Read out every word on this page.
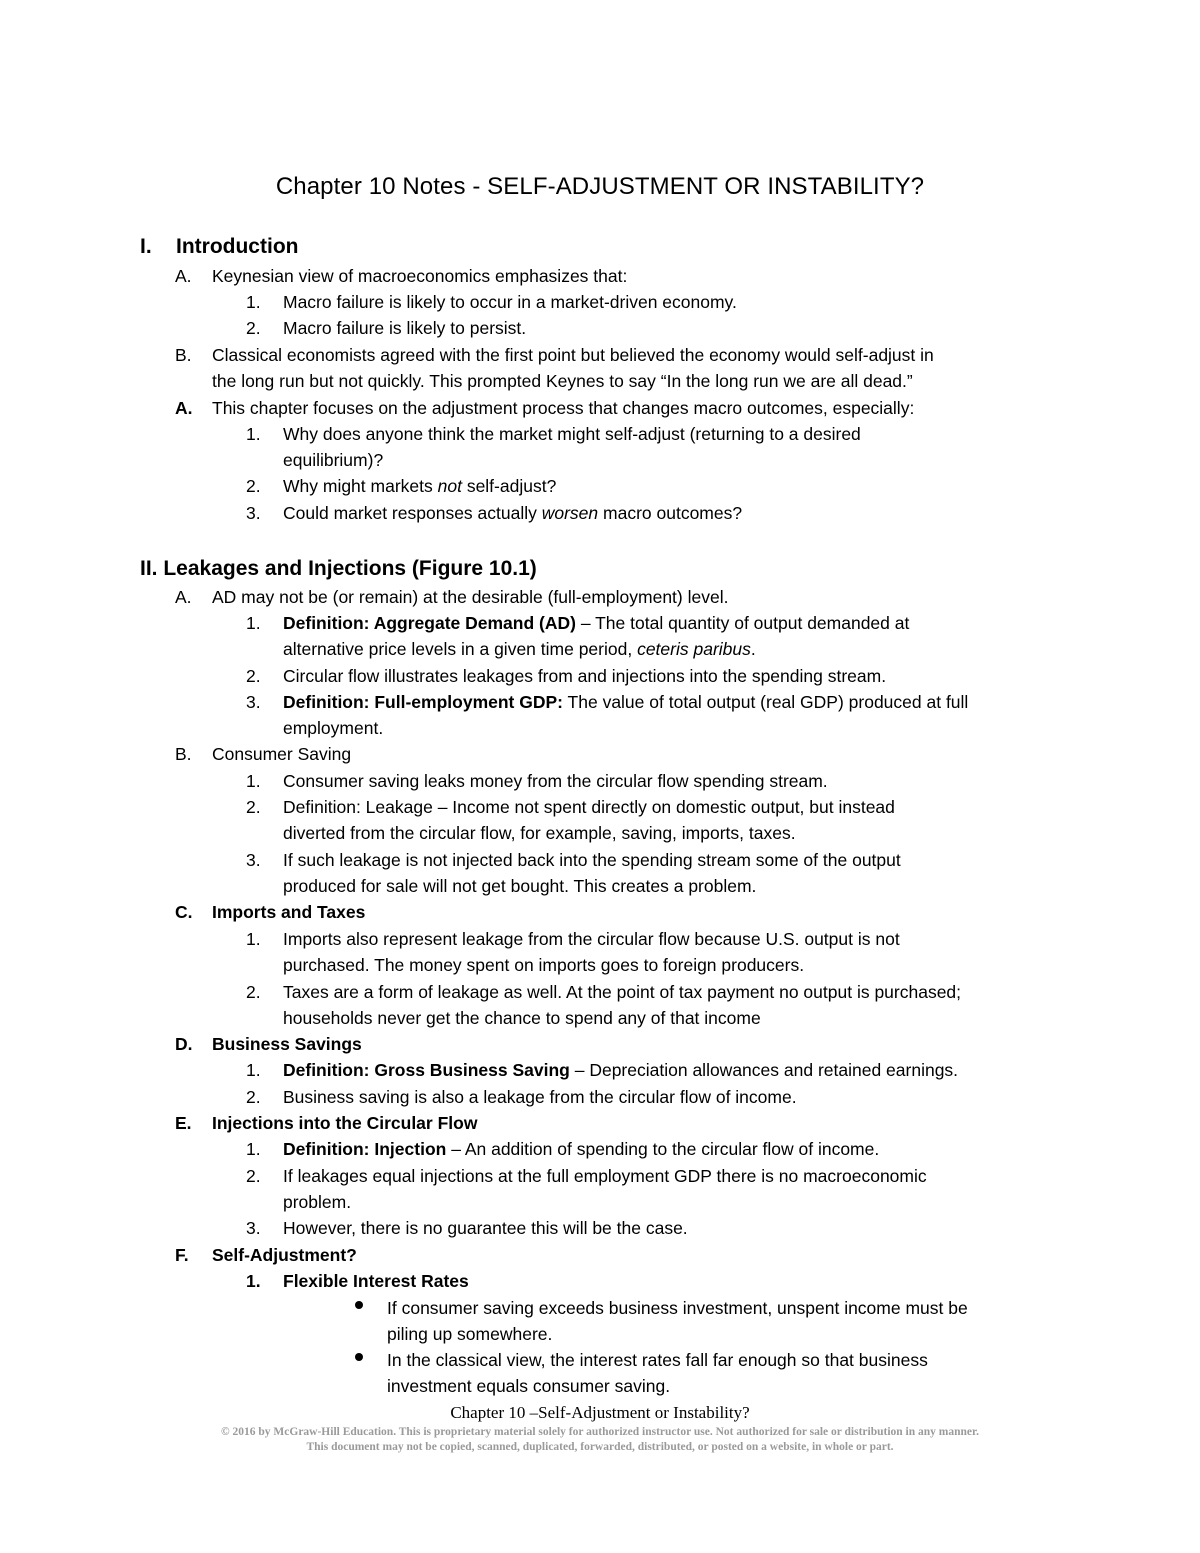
Chapter 10 Notes - SELF-ADJUSTMENT OR INSTABILITY?
I. Introduction
A. Keynesian view of macroeconomics emphasizes that:
1. Macro failure is likely to occur in a market-driven economy.
2. Macro failure is likely to persist.
B. Classical economists agreed with the first point but believed the economy would self-adjust in
the long run but not quickly. This prompted Keynes to say “In the long run we are all dead.”
A. This chapter focuses on the adjustment process that changes macro outcomes, especially:
1. Why does anyone think the market might self-adjust (returning to a desired
equilibrium)?
2. Why might markets not self-adjust?
3. Could market responses actually worsen macro outcomes?
II. Leakages and Injections (Figure 10.1)
A. AD may not be (or remain) at the desirable (full-employment) level.
1. Definition: Aggregate Demand (AD) – The total quantity of output demanded at
alternative price levels in a given time period, ceteris paribus.
2. Circular flow illustrates leakages from and injections into the spending stream.
3. Definition: Full-employment GDP: The value of total output (real GDP) produced at full
employment.
B. Consumer Saving
1. Consumer saving leaks money from the circular flow spending stream.
2. Definition: Leakage – Income not spent directly on domestic output, but instead
diverted from the circular flow, for example, saving, imports, taxes.
3. If such leakage is not injected back into the spending stream some of the output
produced for sale will not get bought. This creates a problem.
C. Imports and Taxes
1. Imports also represent leakage from the circular flow because U.S. output is not
purchased. The money spent on imports goes to foreign producers.
2. Taxes are a form of leakage as well. At the point of tax payment no output is purchased;
households never get the chance to spend any of that income
D. Business Savings
1. Definition: Gross Business Saving – Depreciation allowances and retained earnings.
2. Business saving is also a leakage from the circular flow of income.
E. Injections into the Circular Flow
1. Definition: Injection – An addition of spending to the circular flow of income.
2. If leakages equal injections at the full employment GDP there is no macroeconomic
problem.
3. However, there is no guarantee this will be the case.
F. Self-Adjustment?
1. Flexible Interest Rates
If consumer saving exceeds business investment, unspent income must be
piling up somewhere.
In the classical view, the interest rates fall far enough so that business
investment equals consumer saving.
Chapter 10 –Self-Adjustment or Instability?
© 2016 by McGraw-Hill Education. This is proprietary material solely for authorized instructor use. Not authorized for sale or distribution in any manner.
This document may not be copied, scanned, duplicated, forwarded, distributed, or posted on a website, in whole or part.
